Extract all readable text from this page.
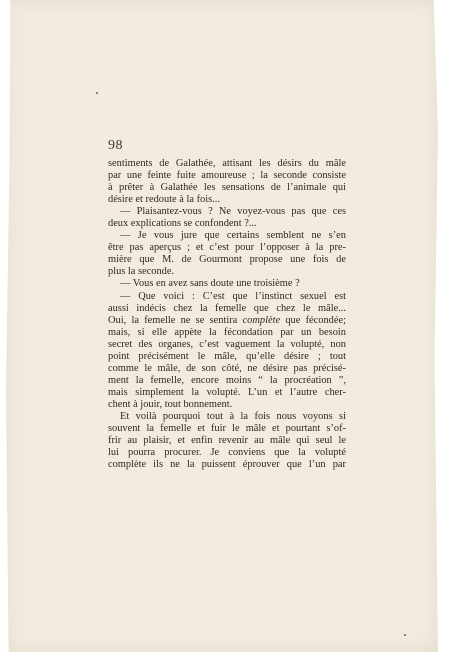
98
sentiments de Galathée, attisant les désirs du mâle
par une feinte fuite amoureuse ; la seconde consiste
à prêter à Galathée les sensations de l’animale qui
désire et redoute à la fois...
— Plaisantez-vous ? Ne voyez-vous pas que ces
deux explications se confondent ?...
— Je vous jure que certains semblent ne s’en
être pas aperçus ; et c’est pour l’opposer à la pre-
mière que M. de Gourmont propose une fois de
plus la seconde.
— Vous en avez sans doute une troisième ?
— Que voici : C’est que l’instinct sexuel est
aussi indécis chez la femelle que chez le mâle...
Oui, la femelle ne se sentira complète que fécondée;
mais, si elle appète la fécondation par un besoin
secret des organes, c’est vaguement la volupté, non
point précisément le mâle, qu’elle désire ; tout
comme le mâle, de son côté, ne désire pas précisé-
ment la femelle, encore moins “ la procréation ”,
mais simplement la volupté. L’un et l’autre cher-
chent à jouir, tout bonnement.
Et voilà pourquoi tout à la fois nous voyons si
souvent la femelle et fuir le mâle et pourtant s’of-
frir au plaisir, et enfin revenir au mâle qui seul le
lui pourra procurer. Je conviens que la volupté
complète ils ne la puissent éprouver que l’un par
